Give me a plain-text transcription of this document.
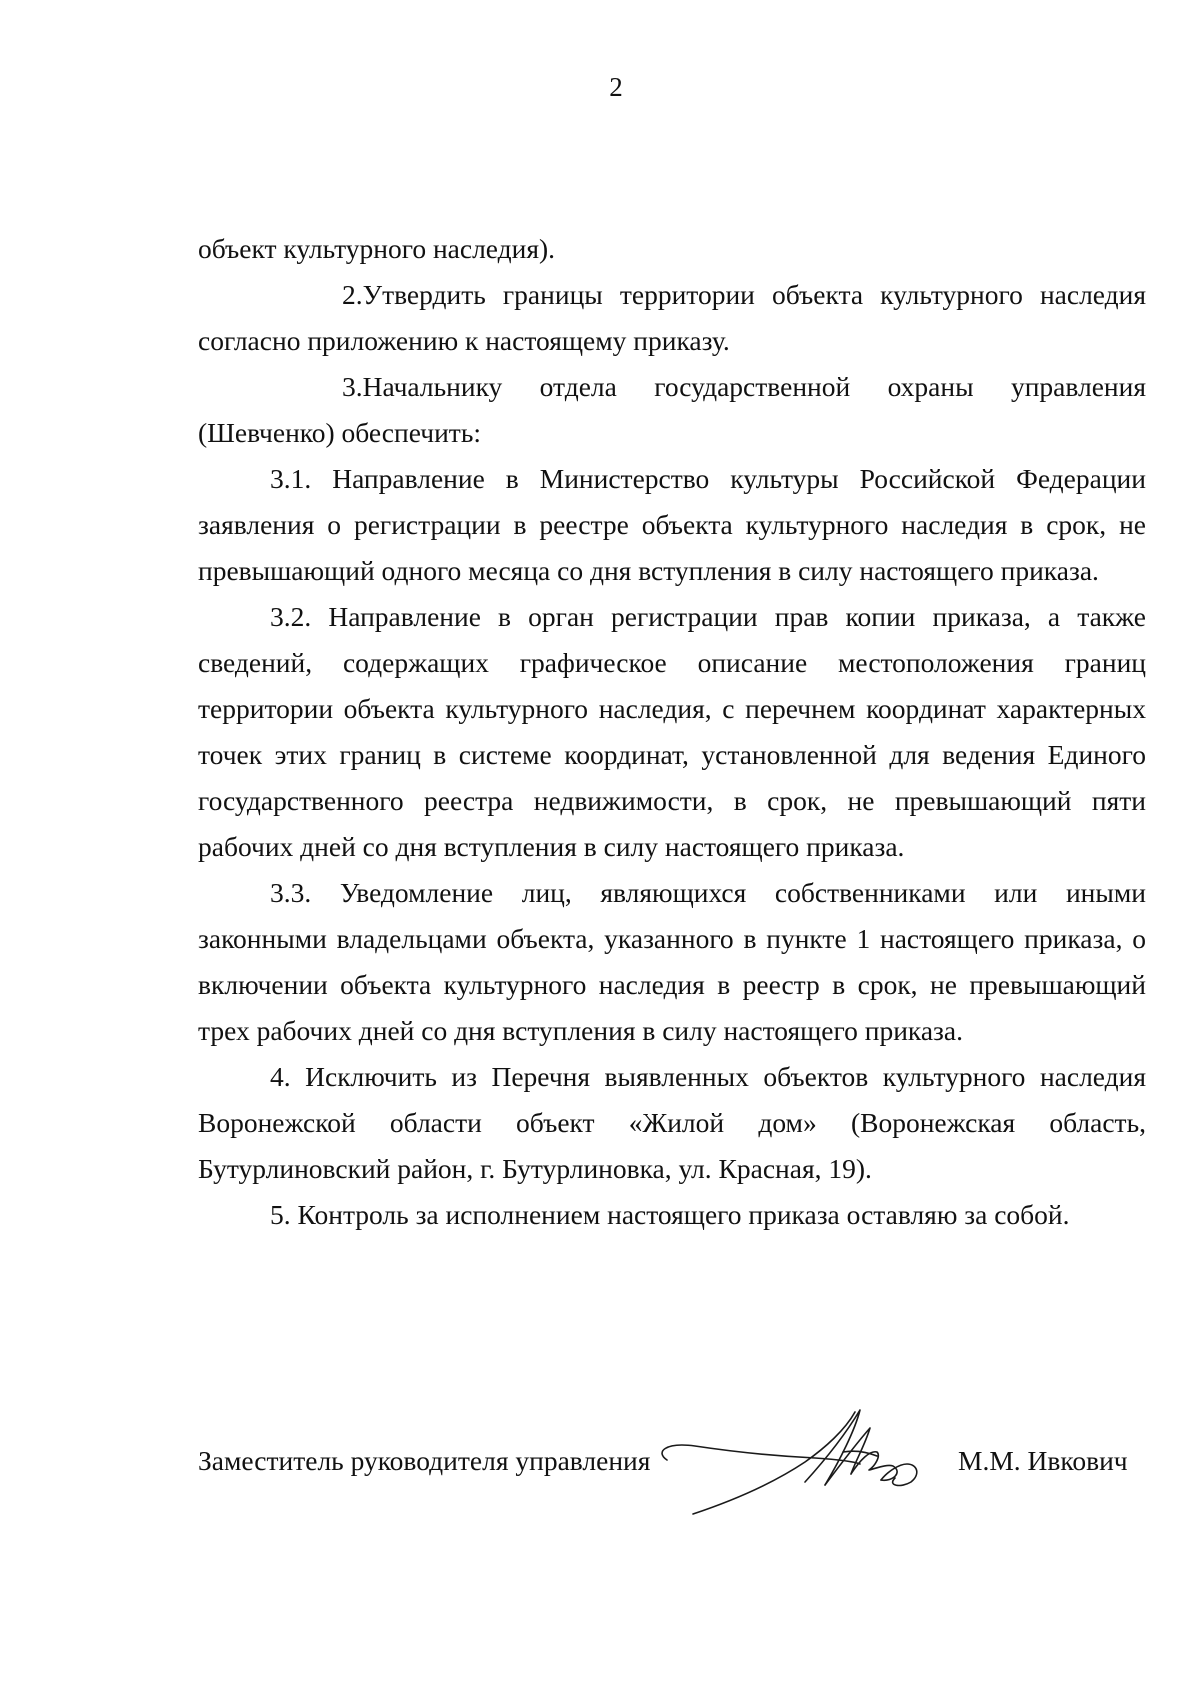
2

объект культурного наследия).

2.Утвердить границы территории объекта культурного наследия согласно приложению к настоящему приказу.

3.Начальнику отдела государственной охраны управления (Шевченко) обеспечить:

3.1. Направление в Министерство культуры Российской Федерации заявления о регистрации в реестре объекта культурного наследия в срок, не превышающий одного месяца со дня вступления в силу настоящего приказа.

3.2. Направление в орган регистрации прав копии приказа, а также сведений, содержащих графическое описание местоположения границ территории объекта культурного наследия, с перечнем координат характерных точек этих границ в системе координат, установленной для ведения Единого государственного реестра недвижимости, в срок, не превышающий пяти рабочих дней со дня вступления в силу настоящего приказа.

3.3. Уведомление лиц, являющихся собственниками или иными законными владельцами объекта, указанного в пункте 1 настоящего приказа, о включении объекта культурного наследия в реестр в срок, не превышающий трех рабочих дней со дня вступления в силу настоящего приказа.

4. Исключить из Перечня выявленных объектов культурного наследия Воронежской области объект «Жилой дом» (Воронежская область, Бутурлиновский район, г. Бутурлиновка, ул. Красная, 19).

5. Контроль за исполнением настоящего приказа оставляю за собой.

Заместитель руководителя управления	М.М. Ивкович
